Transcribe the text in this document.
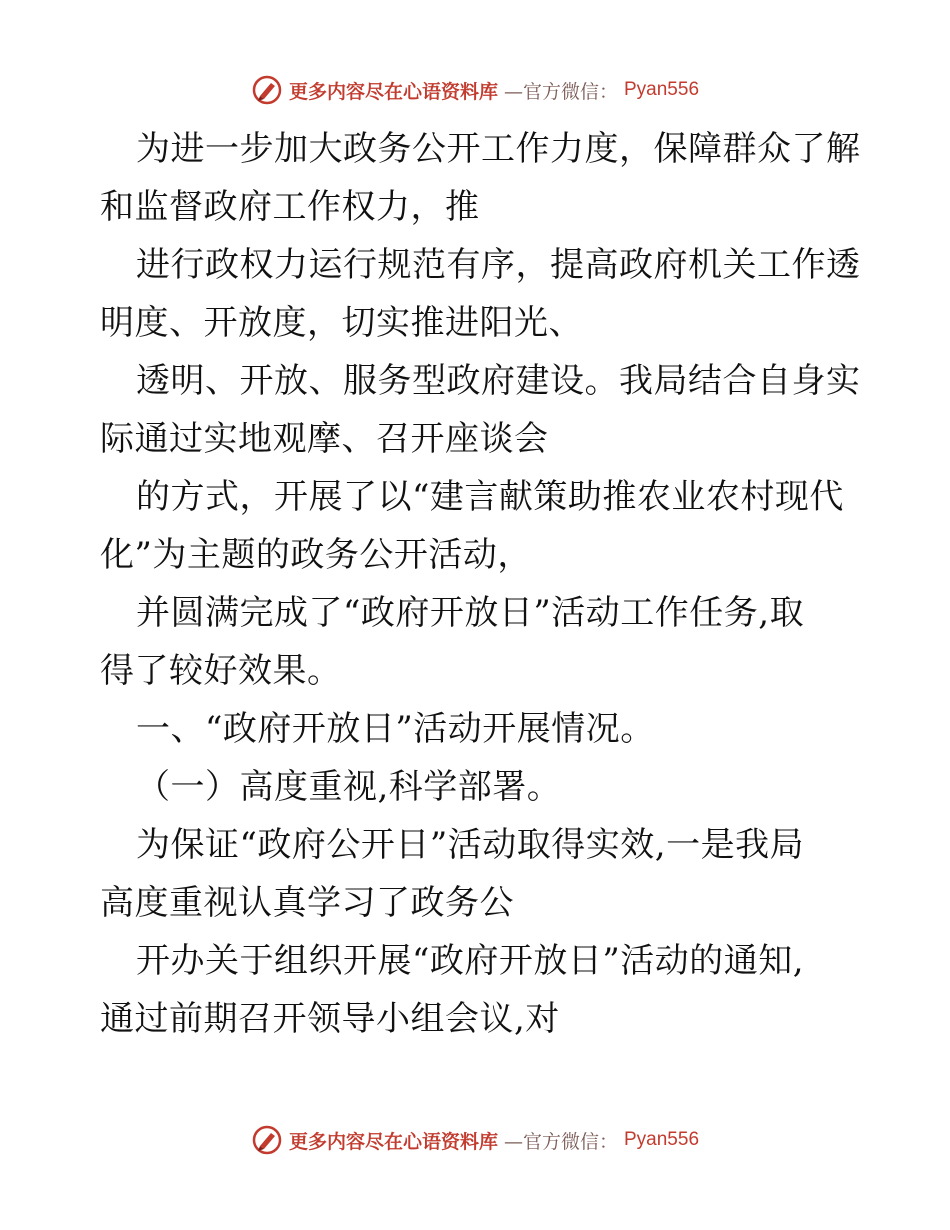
更多内容尽在心语资料库 —官方微信： Pyan556

为进一步加大政务公开工作力度，保障群众了解

和监督政府工作权力，推

进行政权力运行规范有序，提高政府机关工作透

明度、开放度，切实推进阳光、

透明、开放、服务型政府建设。我局结合自身实

际通过实地观摩、召开座谈会

的方式，开展了以“建言献策助推农业农村现代

化”为主题的政务公开活动，

并圆满完成了“政府开放日”活动工作任务,取

得了较好效果。

一、“政府开放日”活动开展情况。

（一）高度重视,科学部署。

为保证“政府公开日”活动取得实效,一是我局

高度重视认真学习了政务公

开办关于组织开展“政府开放日”活动的通知,

通过前期召开领导小组会议,对

更多内容尽在心语资料库 —官方微信： Pyan556
